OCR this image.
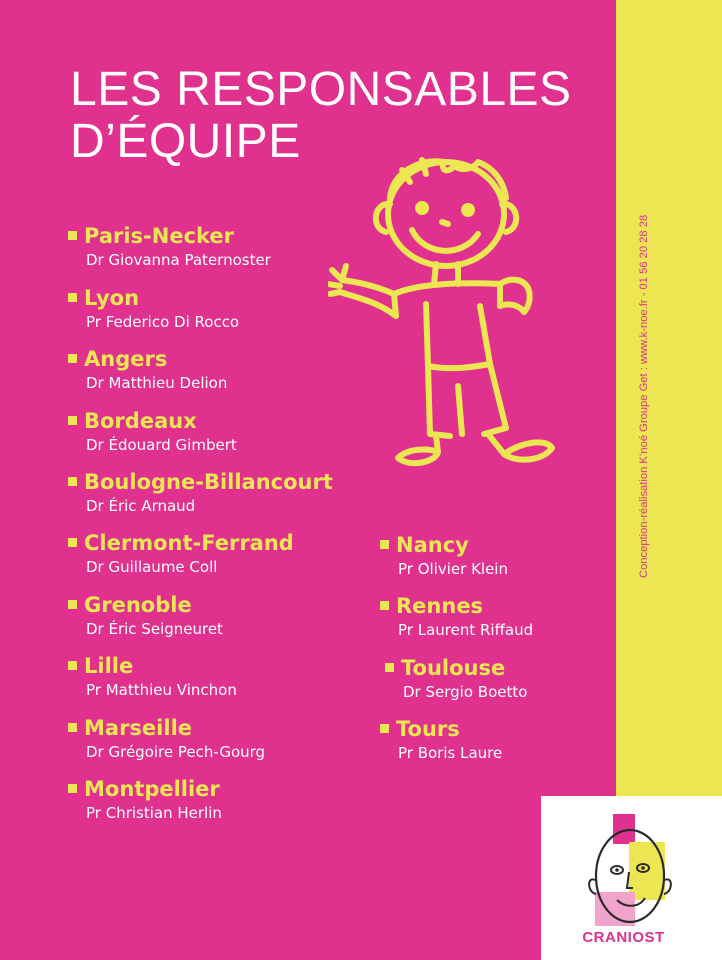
Conception-réalisation K’noé Groupe Get : www.k-noe.fr - 01 56 20 28 28
LES RESPONSABLES
D’ÉQUIPE
Paris-Necker
Dr Giovanna Paternoster
Lyon
Pr Federico Di Rocco
Angers
Dr Matthieu Delion
Bordeaux
Dr Édouard Gimbert
Boulogne-Billancourt
Dr Éric Arnaud
Clermont-Ferrand
Dr Guillaume Coll
Grenoble
Dr Éric Seigneuret
Lille
Pr Matthieu Vinchon
Marseille
Dr Grégoire Pech-Gourg
Montpellier
Pr Christian Herlin
Nancy
Pr Olivier Klein
Rennes
Pr Laurent Riffaud
Toulouse
Dr Sergio Boetto
Tours
Pr Boris Laure
CRANIOST
